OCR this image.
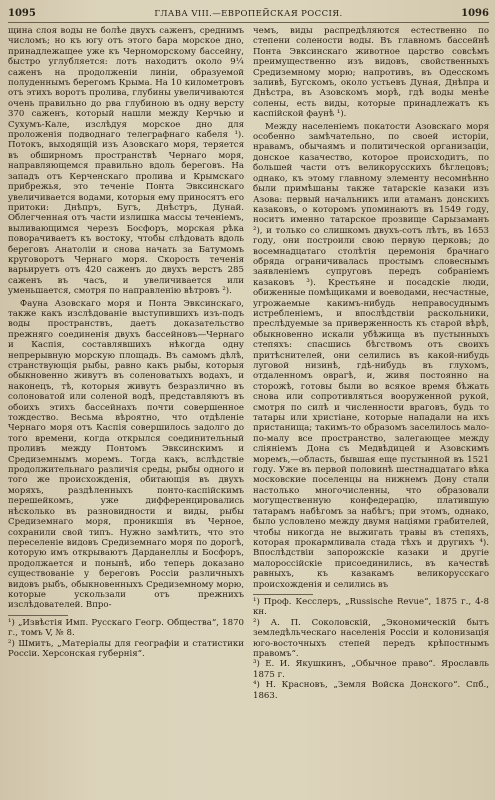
1095	ГЛАВА VIII.—ЕВРОПЕЙСКАЯ РОССІЯ.	1096

щина слоя воды не болѣе двухъ саженъ, среднимъ числомъ; но къ югу отъ этого бара морское дно, принадлежащее уже къ Черноморскому бассейну, быстро углубляется: лотъ находитъ около 9¼ саженъ на продолженіи линіи, образуемой полуденнымъ берегомъ Крыма. На 10 километровъ отъ этихъ воротъ пролива, глубины увеличиваются очень правильно до рва глубиною въ одну версту 370 саженъ, который нашли между Керчью и Сухумъ-Кале, изслѣдуя морское дно для проложенія подводнаго телеграфнаго кабеля ¹). Потокъ, выходящій изъ Азовскаго моря, теряется въ обширномъ пространствѣ Чернаго моря, направляющемся правильно вдоль береговъ. На западъ отъ Керченскаго пролива и Крымскаго прибрежья, это теченіе Понта Эвксинскаго увеличивается водами, которыя ему приносятъ его притоки: Днѣпръ, Бугъ, Днѣстръ, Дунай. Облегченная отъ части излишка массы теченіемъ, выливающимся черезъ Босфоръ, морская рѣка поворачиваетъ къ востоку, чтобы слѣдовать вдоль береговъ Анатоліи и снова начать за Батумомъ круговоротъ Чернаго моря. Скорость теченія варьируетъ отъ 420 саженъ до двухъ верстъ 285 саженъ въ часъ, и увеличивается или уменьшается, смотря по направленію вѣтровъ ²).

Фауна Азовскаго моря и Понта Эвксинскаго, также какъ изслѣдованіе выступившихъ изъ-подъ воды пространствъ, даетъ доказательство прежняго соединенія двухъ бассейновъ—Чернаго и Каспія, составлявшихъ нѣкогда одну непрерывную морскую площадь. Въ самомъ дѣлѣ, странствующія рыбы, равно какъ рыбы, которыя обыкновенно живутъ въ соленоватыхъ водахъ, и наконецъ, тѣ, которыя живутъ безразлично въ солоноватой или соленой водѣ, представляютъ въ обоихъ этихъ бассейнахъ почти совершенное тождество. Весьма вѣроятно, что отдѣленіе Чернаго моря отъ Каспія совершилось задолго до того времени, когда открылся соединительный проливъ между Понтомъ Эвксинскимъ и Средиземнымъ моремъ. Тогда какъ, вслѣдствіе продолжительнаго различія среды, рыбы одного и того же происхожденія, обитающія въ двухъ моряхъ, раздѣленныхъ понто-каспійскимъ перешейкомъ, уже дифференцировались нѣсколько въ разновидности и виды, рыбы Средиземнаго моря, проникшія въ Черное, сохранили свой типъ. Нужно замѣтить, что это переселеніе видовъ Средиземнаго моря по дорогѣ, которую имъ открываютъ Дарданеллы и Босфоръ, продолжается и понынѣ, ибо теперь доказано существованіе у береговъ Россіи различныхъ видовъ рыбъ, обыкновенныхъ Средиземному морю, которые ускользали отъ прежнихъ изслѣдователей. Впро-

¹) „Извѣстія Имп. Русскаго Геогр. Общества“, 1870 г., томъ V, № 8.

²) Шмитъ, „Матеріалы для географіи и статистики Россіи. Херсонская губернія“.

чемъ, виды распредѣляются естественно по степени солености воды. Въ главномъ бассейнѣ Понта Эвксинскаго животное царство совсѣмъ преимущественно изъ видовъ, свойственныхъ Средиземному морю; напротивъ, въ Одесскомъ заливѣ, Бугскомъ, около устьевъ Дуная, Днѣпра и Днѣстра, въ Азовскомъ морѣ, гдѣ воды менѣе солены, есть виды, которые принадлежатъ къ каспійской фаунѣ ¹).

Между населеніемъ покатости Азовскаго моря особенно замѣчательно, по своей исторіи, нравамъ, обычаямъ и политической организаціи, донское казачество, которое происходитъ, по большей части отъ великорусскихъ бѣглецовъ; однако, къ этому главному элементу несомнѣнно были примѣшаны также татарскіе казаки изъ Азова: первый начальникъ или атаманъ донскихъ казаковъ, о которомъ упоминаютъ въ 1549 году, носитъ именно татарское прозвище Сарызаманъ ²), и только со слишкомъ двухъ-сотъ лѣтъ, въ 1653 году, они построили свою первую церковь; до восемнадцатаго столѣтія церемонія брачнаго обряда ограничивалась простымъ словеснымъ заявленіемъ супруговъ передъ собраніемъ казаковъ ³). Крестьяне и посадскіе люди, обиженные помѣщиками и воеводами, несчастные, угрожаемые какимъ-нибудь неправосуднымъ истребленіемъ, и впослѣдствіи раскольники, преслѣдуемые за приверженность къ старой вѣрѣ, обыкновенно искали убѣжища въ пустынныхъ степяхъ: спасшись бѣгствомъ отъ своихъ притѣснителей, они селились въ какой-нибудь луговой низинѣ, гдѣ-нибудь въ глухомъ, отдаленномъ оврагѣ, и, живя постоянно на сторожѣ, готовы были во всякое время бѣжать снова или сопротивляться вооруженной рукой, смотря по силѣ и численности враговъ, будь то татары или христіане, которые нападали на ихъ пристанища; такимъ-то образомъ заселилось мало-по-малу все пространство, залегающее между слiяніемъ Дона съ Медвѣдицей и Азовскимъ моремъ,—область, бывшая еще пустынной въ 1521 году. Уже въ первой половинѣ шестнадцатаго вѣка московские поселенцы на нижнемъ Дону стали настолько многочисленны, что образовали могущественную конфедерацію, платившую татарамъ набѣгомъ за набѣгъ; при этомъ, однако, было условлено между двумя націями грабителей, чтобы никогда не выжигать травы въ степяхъ, которая прокармливала стада тѣхъ и другихъ ⁴). Впослѣдствіи запорожскіе казаки и другіе малороссійскіе присоединились, въ качествѣ равныхъ, къ казакамъ великорусскаго происхожденія и селились въ

¹) Проф. Кесслеръ, „Russische Revue“, 1875 г., 4-8 кн.

²) А. П. Соколовскій, „Экономическій бытъ земледѣльческаго населенія Россіи и колонизація юго-восточныхъ степей передъ крѣпостнымъ правомъ“.

³) Е. И. Якушкинъ, „Обычное право“. Ярославль 1875 г.

⁴) Н. Красновъ, „Земля Войска Донского“. Спб., 1863.
